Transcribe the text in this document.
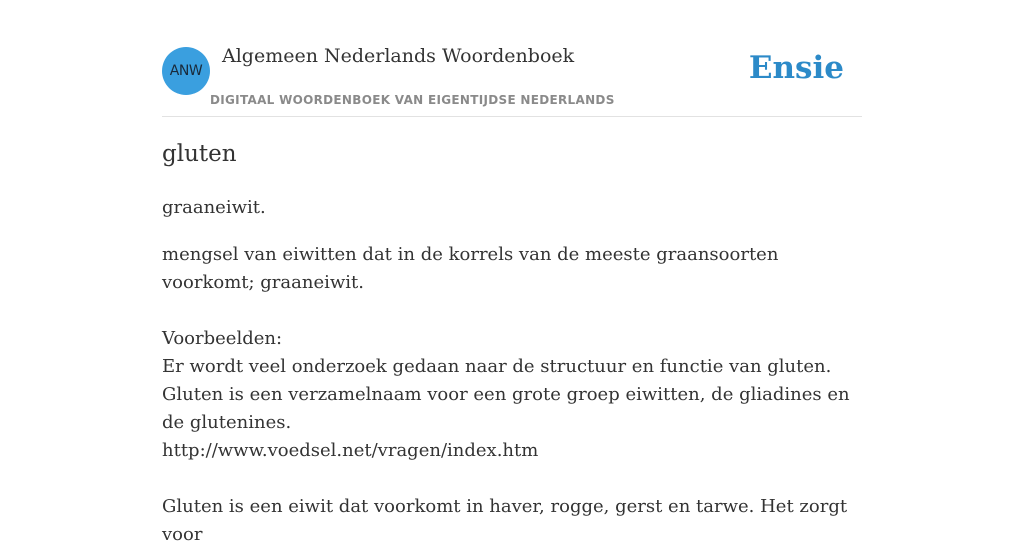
ANW
Algemeen Nederlands Woordenboek
DIGITAAL WOORDENBOEK VAN EIGENTIJDSE NEDERLANDS
Ensie
gluten
graaneiwit.
mengsel van eiwitten dat in de korrels van de meeste graansoorten voorkomt; graaneiwit.
Voorbeelden:
Er wordt veel onderzoek gedaan naar de structuur en functie van gluten. Gluten is een verzamelnaam voor een grote groep eiwitten, de gliadines en de glutenines.
http://www.voedsel.net/vragen/index.htm
Gluten is een eiwit dat voorkomt in haver, rogge, gerst en tarwe. Het zorgt voor
